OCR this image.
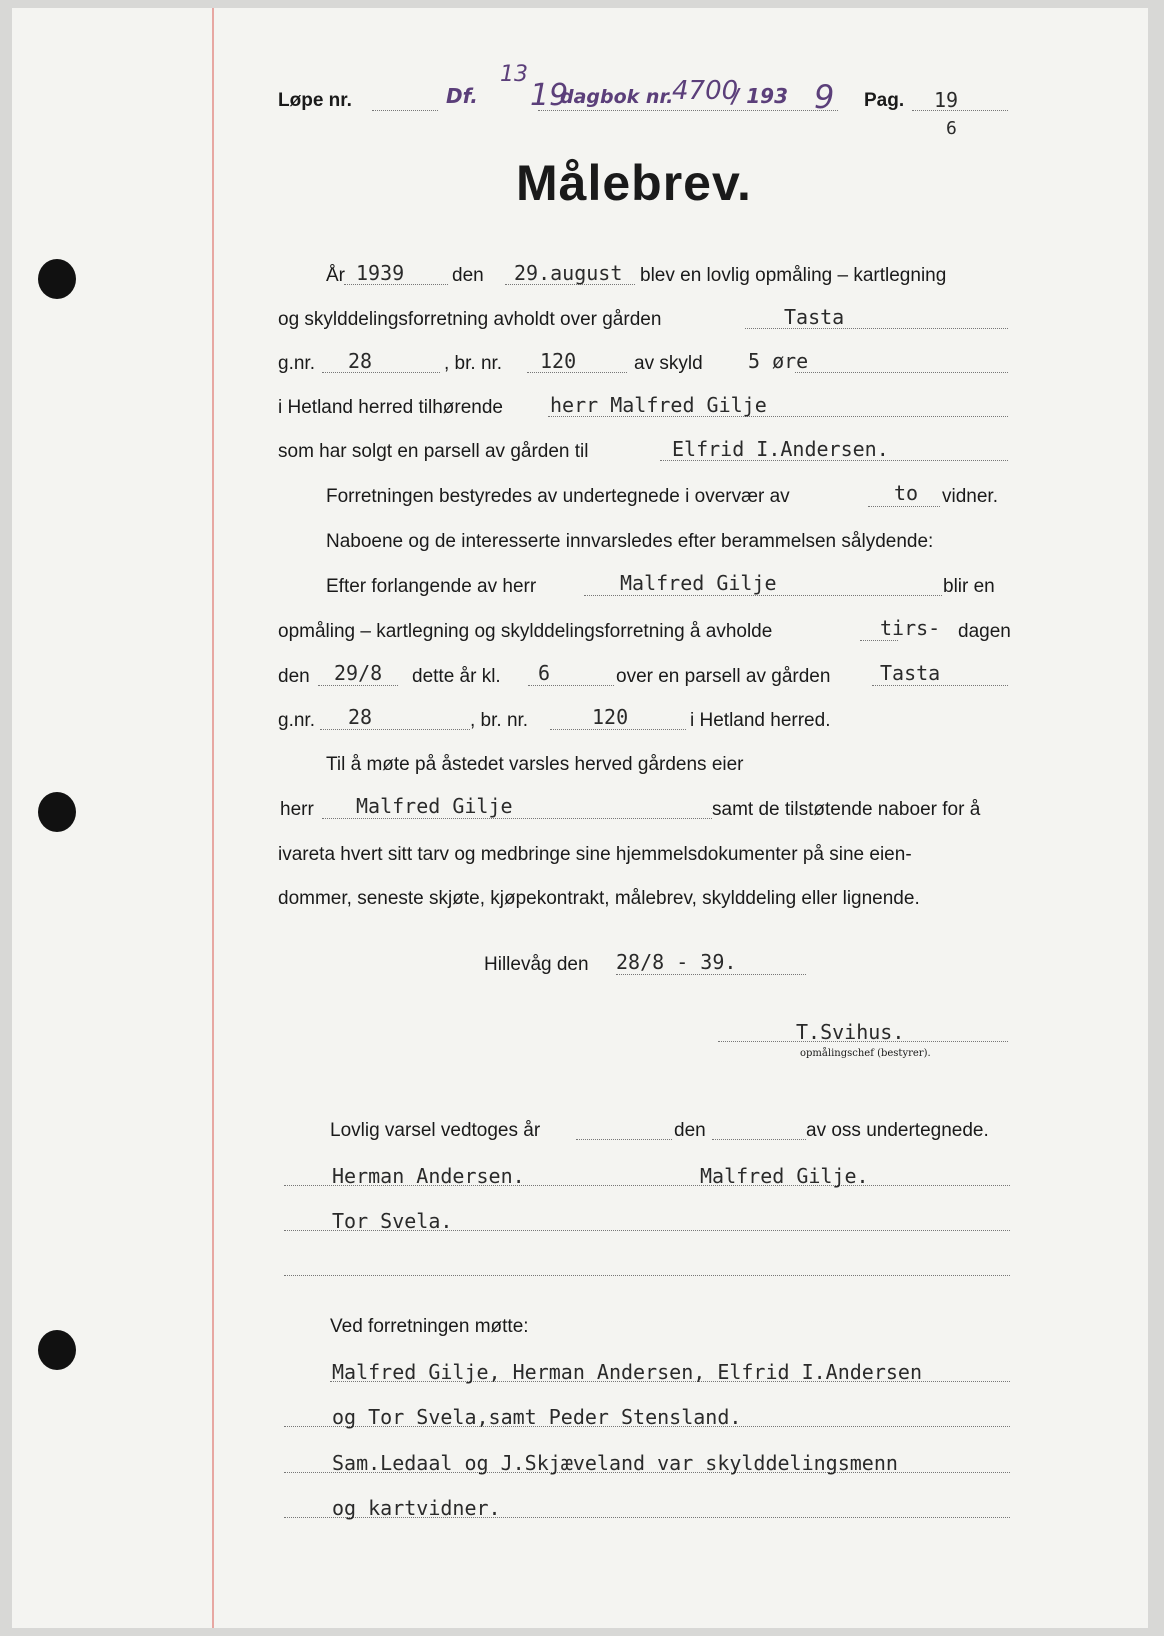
Løpe nr.	Df.
13
19
dagbok nr.
4700
/ 193 9 Pag. 19
6
Målebrev.
År 1939	den 29.august blev en lovlig opmåling – kartlegning
og skylddelingsforretning avholdt over gården	Tasta
g.nr. 28	, br. nr. 120	av skyld 5 øre
i Hetland herred tilhørende herr Malfred Gilje
som har solgt en parsell av gården til	Elfrid I.Andersen.
Forretningen bestyredes av undertegnede i overvær av	to vidner.
Naboene og de interesserte innvarsledes efter berammelsen sålydende:
Efter forlangende av herr	Malfred Gilje	blir en
opmåling – kartlegning og skylddelingsforretning å avholde	tirs- dagen
den 29/8 dette år kl. 6	over en parsell av gården Tasta
g.nr. 28	, br. nr.	120	i Hetland herred.
Til å møte på åstedet varsles herved gårdens eier
herr Malfred Gilje	samt de tilstøtende naboer for å
ivareta hvert sitt tarv og medbringe sine hjemmelsdokumenter på sine eien-
dommer, seneste skjøte, kjøpekontrakt, målebrev, skylddeling eller lignende.
Hillevåg den 28/8 - 39.
T.Svihus.
opmålingschef (bestyrer).
Lovlig varsel vedtoges år	den	av oss undertegnede.
Herman Andersen.	Malfred Gilje.
Tor Svela.
Ved forretningen møtte:
Malfred Gilje, Herman Andersen, Elfrid I.Andersen
og Tor Svela,samt Peder Stensland.
Sam.Ledaal og J.Skjæveland var skylddelingsmenn
og kartvidner.
